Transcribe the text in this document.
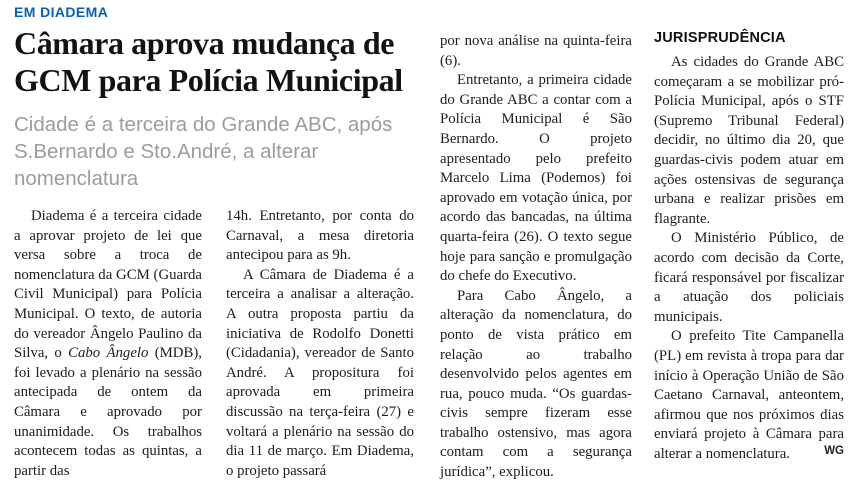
EM DIADEMA
Câmara aprova mudança de GCM para Polícia Municipal

Cidade é a terceira do Grande ABC, após S.Bernardo e Sto.André, a alterar nomenclatura

Diadema é a terceira cidade a aprovar projeto de lei que versa sobre a troca de nomenclatura da GCM (Guarda Civil Municipal) para Polícia Municipal. O texto, de autoria do vereador Ângelo Paulino da Silva, o Cabo Ângelo (MDB), foi levado a plenário na sessão antecipada de ontem da Câmara e aprovado por unanimidade. Os trabalhos acontecem todas as quintas, a partir das

14h. Entretanto, por conta do Carnaval, a mesa diretoria antecipou para as 9h.

A Câmara de Diadema é a terceira a analisar a alteração. A outra proposta partiu da iniciativa de Rodolfo Donetti (Cidadania), vereador de Santo André. A propositura foi aprovada em primeira discussão na terça-feira (27) e voltará a plenário na sessão do dia 11 de março. Em Diadema, o projeto passará

por nova análise na quinta-feira (6).

Entretanto, a primeira cidade do Grande ABC a contar com a Polícia Municipal é São Bernardo. O projeto apresentado pelo prefeito Marcelo Lima (Podemos) foi aprovado em votação única, por acordo das bancadas, na última quarta-feira (26). O texto segue hoje para sanção e promulgação do chefe do Executivo.

Para Cabo Ângelo, a alteração da nomenclatura, do ponto de vista prático em relação ao trabalho desenvolvido pelos agentes em rua, pouco muda. “Os guardas-civis sempre fizeram esse trabalho ostensivo, mas agora contam com a segurança jurídica”, explicou.

JURISPRUDÊNCIA

As cidades do Grande ABC começaram a se mobilizar pró-Polícia Municipal, após o STF (Supremo Tribunal Federal) decidir, no último dia 20, que guardas-civis podem atuar em ações ostensivas de segurança urbana e realizar prisões em flagrante.

O Ministério Público, de acordo com decisão da Corte, ficará responsável por fiscalizar a atuação dos policiais municipais.

O prefeito Tite Campanella (PL) em revista à tropa para dar início à Operação União de São Caetano Carnaval, anteontem, afirmou que nos próximos dias enviará projeto à Câmara para alterar a nomenclatura.	WG
